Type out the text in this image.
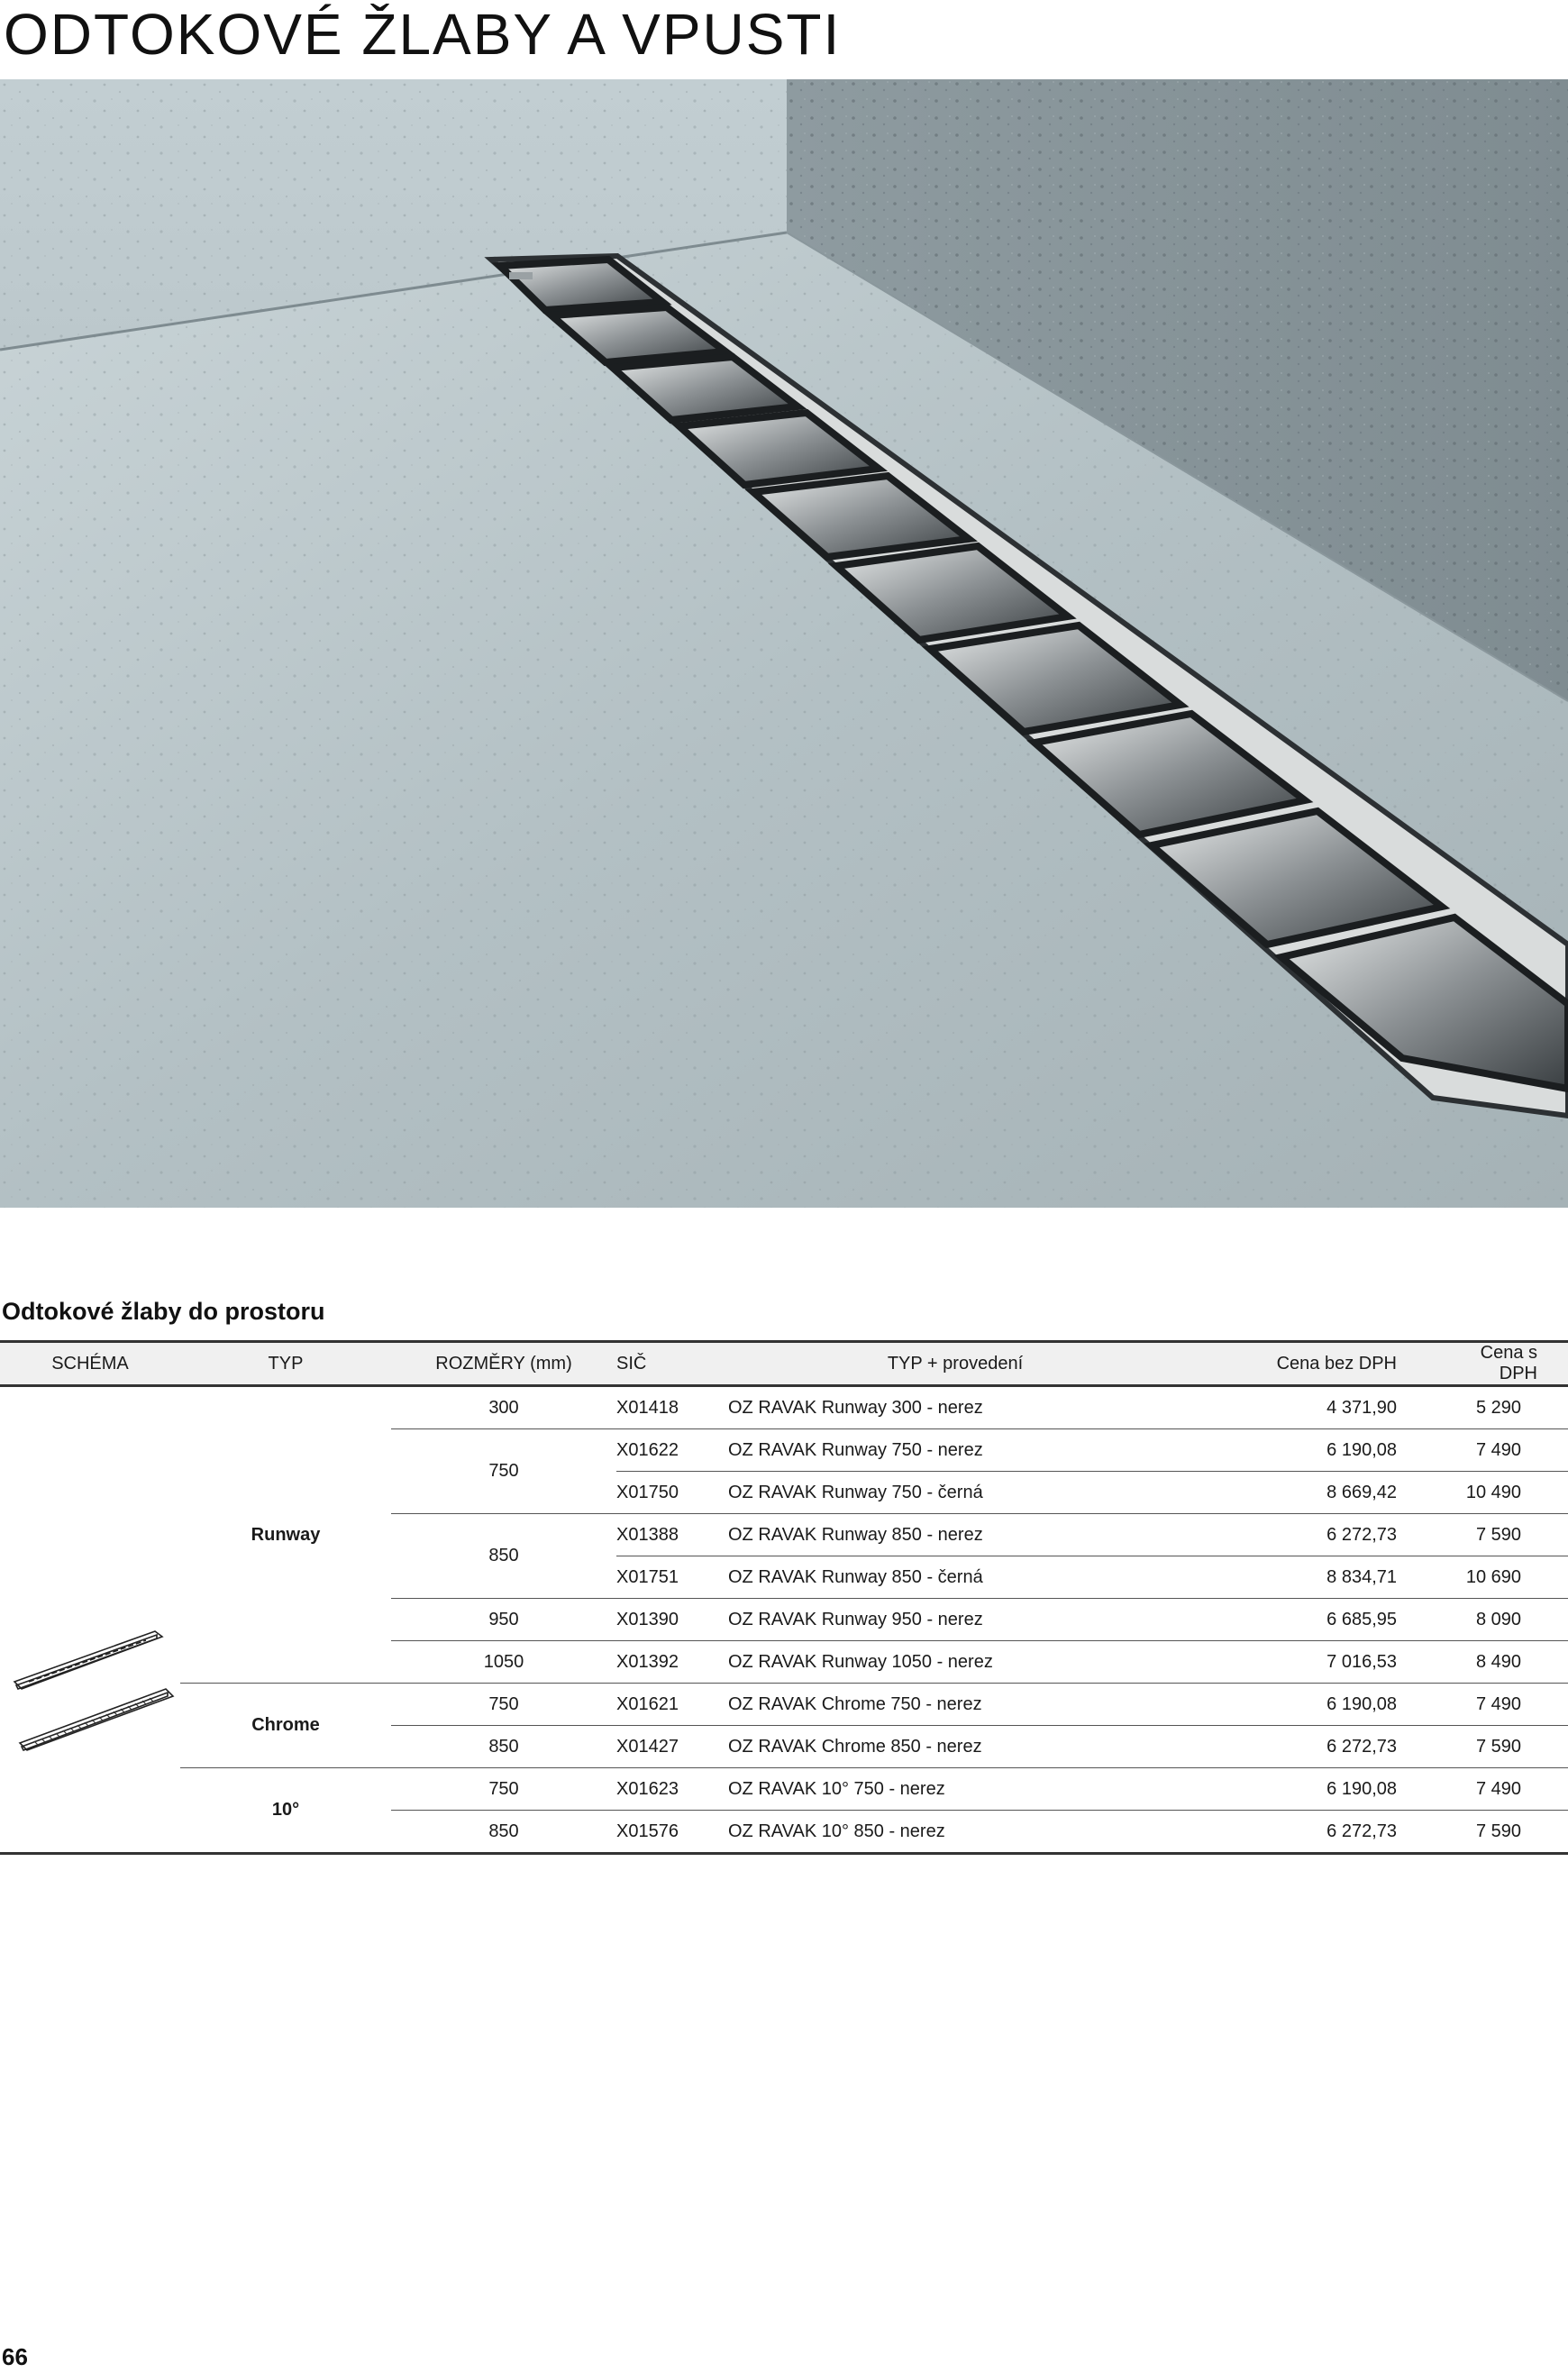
ODTOKOVÉ ŽLABY A VPUSTI
Odtokové žlaby do prostoru
SCHÉMA	TYP	ROZMĚRY (mm)	SIČ	TYP + provedení	Cena bez DPH	Cena s DPH

	Runway	300	X01418	OZ RAVAK Runway 300 - nerez	4 371,90	5 290
		750	X01622	OZ RAVAK Runway 750 - nerez	6 190,08	7 490
			X01750	OZ RAVAK Runway 750 - černá	8 669,42	10 490
		850	X01388	OZ RAVAK Runway 850 - nerez	6 272,73	7 590
			X01751	OZ RAVAK Runway 850 - černá	8 834,71	10 690
		950	X01390	OZ RAVAK Runway 950 - nerez	6 685,95	8 090
		1050	X01392	OZ RAVAK Runway 1050 - nerez	7 016,53	8 490
	Chrome	750	X01621	OZ RAVAK Chrome 750 - nerez	6 190,08	7 490
		850	X01427	OZ RAVAK Chrome 850 - nerez	6 272,73	7 590
	10°	750	X01623	OZ RAVAK 10° 750 - nerez	6 190,08	7 490
		850	X01576	OZ RAVAK 10° 850 - nerez	6 272,73	7 590
66
